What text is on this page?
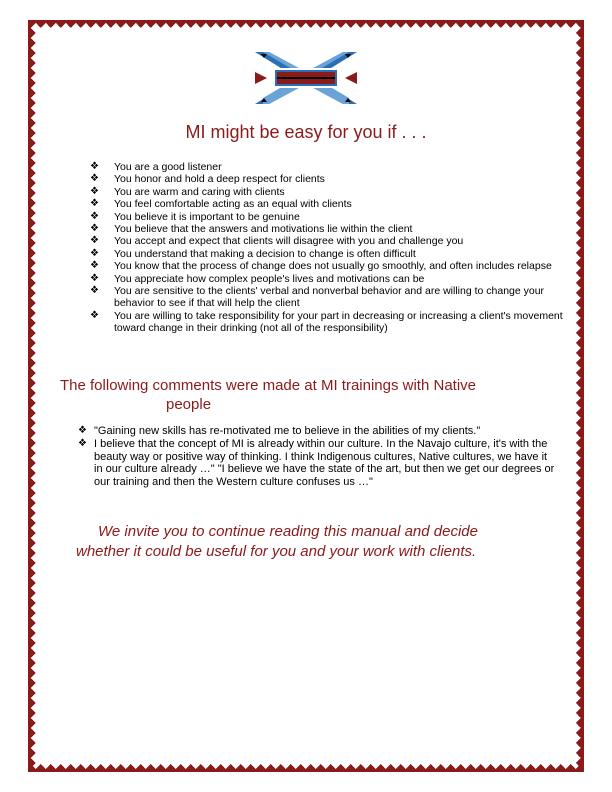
MI might be easy for you if . . .
❖ You are a good listener
❖ You honor and hold a deep respect for clients
❖ You are warm and caring with clients
❖ You feel comfortable acting as an equal with clients
❖ You believe it is important to be genuine
❖ You believe that the answers and motivations lie within the client
❖ You accept and expect that clients will disagree with you and challenge you
❖ You understand that making a decision to change is often difficult
❖ You know that the process of change does not usually go smoothly, and often includes relapse
❖ You appreciate how complex people's lives and motivations can be
❖ You are sensitive to the clients' verbal and nonverbal behavior and are willing to change your behavior to see if that will help the client
❖ You are willing to take responsibility for your part in decreasing or increasing a client's movement toward change in their drinking (not all of the responsibility)
The following comments were made at MI trainings with Native
people
❖ "Gaining new skills has re-motivated me to believe in the abilities of my clients."
❖ I believe that the concept of MI is already within our culture. In the Navajo culture, it's with the beauty way or positive way of thinking. I think Indigenous cultures, Native cultures, we have it in our culture already …" "I believe we have the state of the art, but then we get our degrees or our training and then the Western culture confuses us …"
We invite you to continue reading this manual and decide
whether it could be useful for you and your work with clients.
